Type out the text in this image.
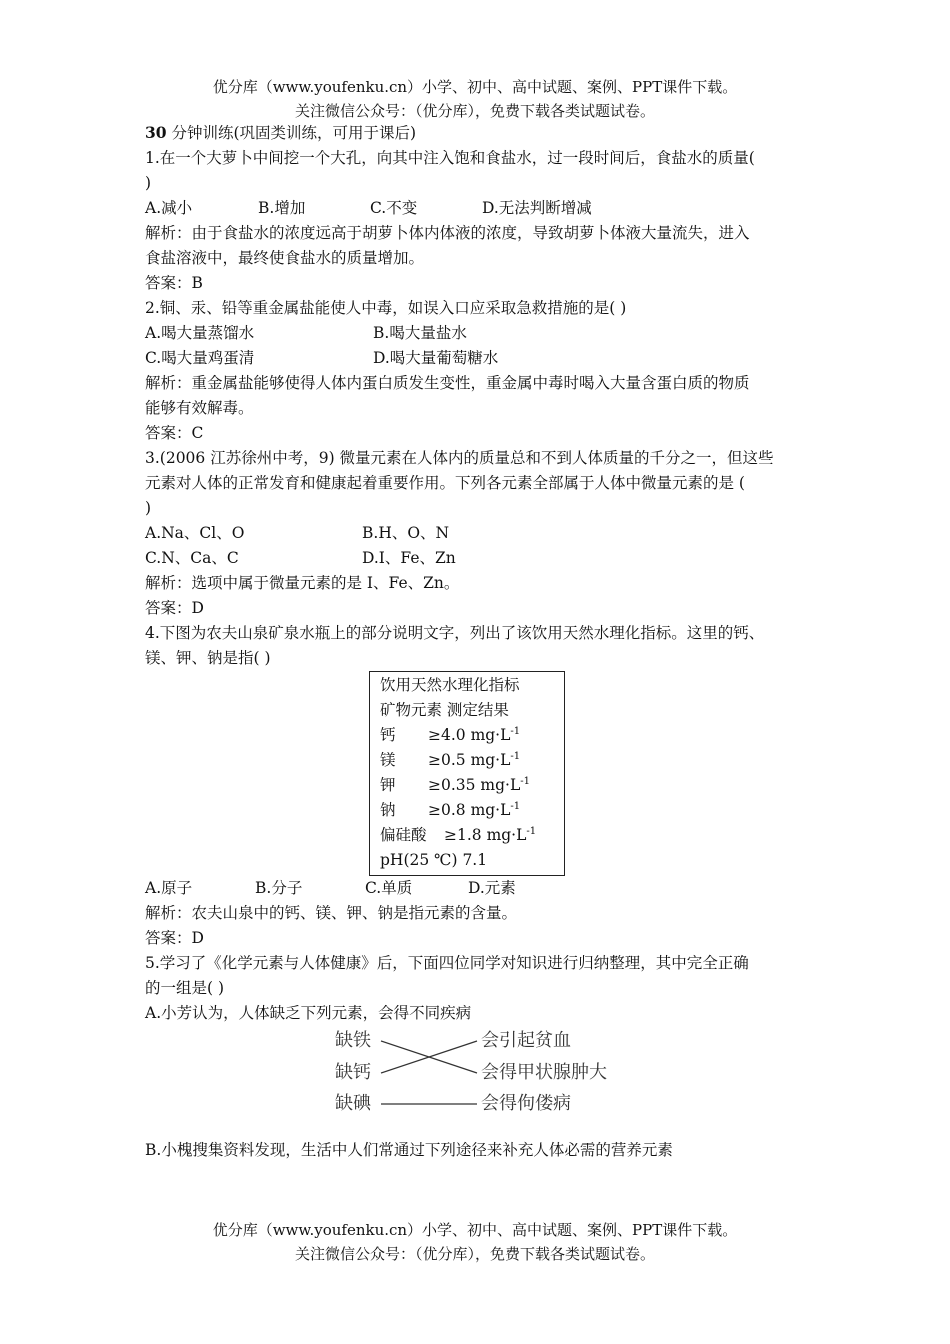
优分库（www.youfenku.cn）小学、初中、高中试题、案例、PPT课件下载。
关注微信公众号：（优分库），免费下载各类试题试卷。
30 分钟训练(巩固类训练，可用于课后)
1.在一个大萝卜中间挖一个大孔，向其中注入饱和食盐水，过一段时间后，食盐水的质量(
)
A.减小	B.增加	C.不变	D.无法判断增减
解析：由于食盐水的浓度远高于胡萝卜体内体液的浓度，导致胡萝卜体液大量流失，进入
食盐溶液中，最终使食盐水的质量增加。
答案：B
2.铜、汞、铅等重金属盐能使人中毒，如误入口应采取急救措施的是( )
A.喝大量蒸馏水	B.喝大量盐水
C.喝大量鸡蛋清	D.喝大量葡萄糖水
解析：重金属盐能够使得人体内蛋白质发生变性，重金属中毒时喝入大量含蛋白质的物质
能够有效解毒。
答案：C
3.(2006 江苏徐州中考，9) 微量元素在人体内的质量总和不到人体质量的千分之一，但这些
元素对人体的正常发育和健康起着重要作用。下列各元素全部属于人体中微量元素的是 (
)
A.Na、Cl、O	B.H、O、N
C.N、Ca、C	D.I、Fe、Zn
解析：选项中属于微量元素的是 I、Fe、Zn。
答案：D
4.下图为农夫山泉矿泉水瓶上的部分说明文字，列出了该饮用天然水理化指标。这里的钙、
镁、钾、钠是指( )
饮用天然水理化指标
矿物元素 测定结果
钙 ≥4.0 $mg\cdot L^{-1}$
镁 ≥0.5 $mg\cdot L^{-1}$
钾 ≥0.35 $mg\cdot L^{-1}$
钠 ≥0.8 $mg\cdot L^{-1}$
偏硅酸 ≥1.8 $mg\cdot L^{-1}$
pH(25 ℃) 7.1
A.原子	B.分子	C.单质	D.元素
解析：农夫山泉中的钙、镁、钾、钠是指元素的含量。
答案：D
5.学习了《化学元素与人体健康》后，下面四位同学对知识进行归纳整理，其中完全正确
的一组是( )
A.小芳认为，人体缺乏下列元素，会得不同疾病
缺铁
缺钙
缺碘
会引起贫血
会得甲状腺肿大
会得佝偻病
B.小槐搜集资料发现，生活中人们常通过下列途径来补充人体必需的营养元素
优分库（www.youfenku.cn）小学、初中、高中试题、案例、PPT课件下载。
关注微信公众号：（优分库），免费下载各类试题试卷。
